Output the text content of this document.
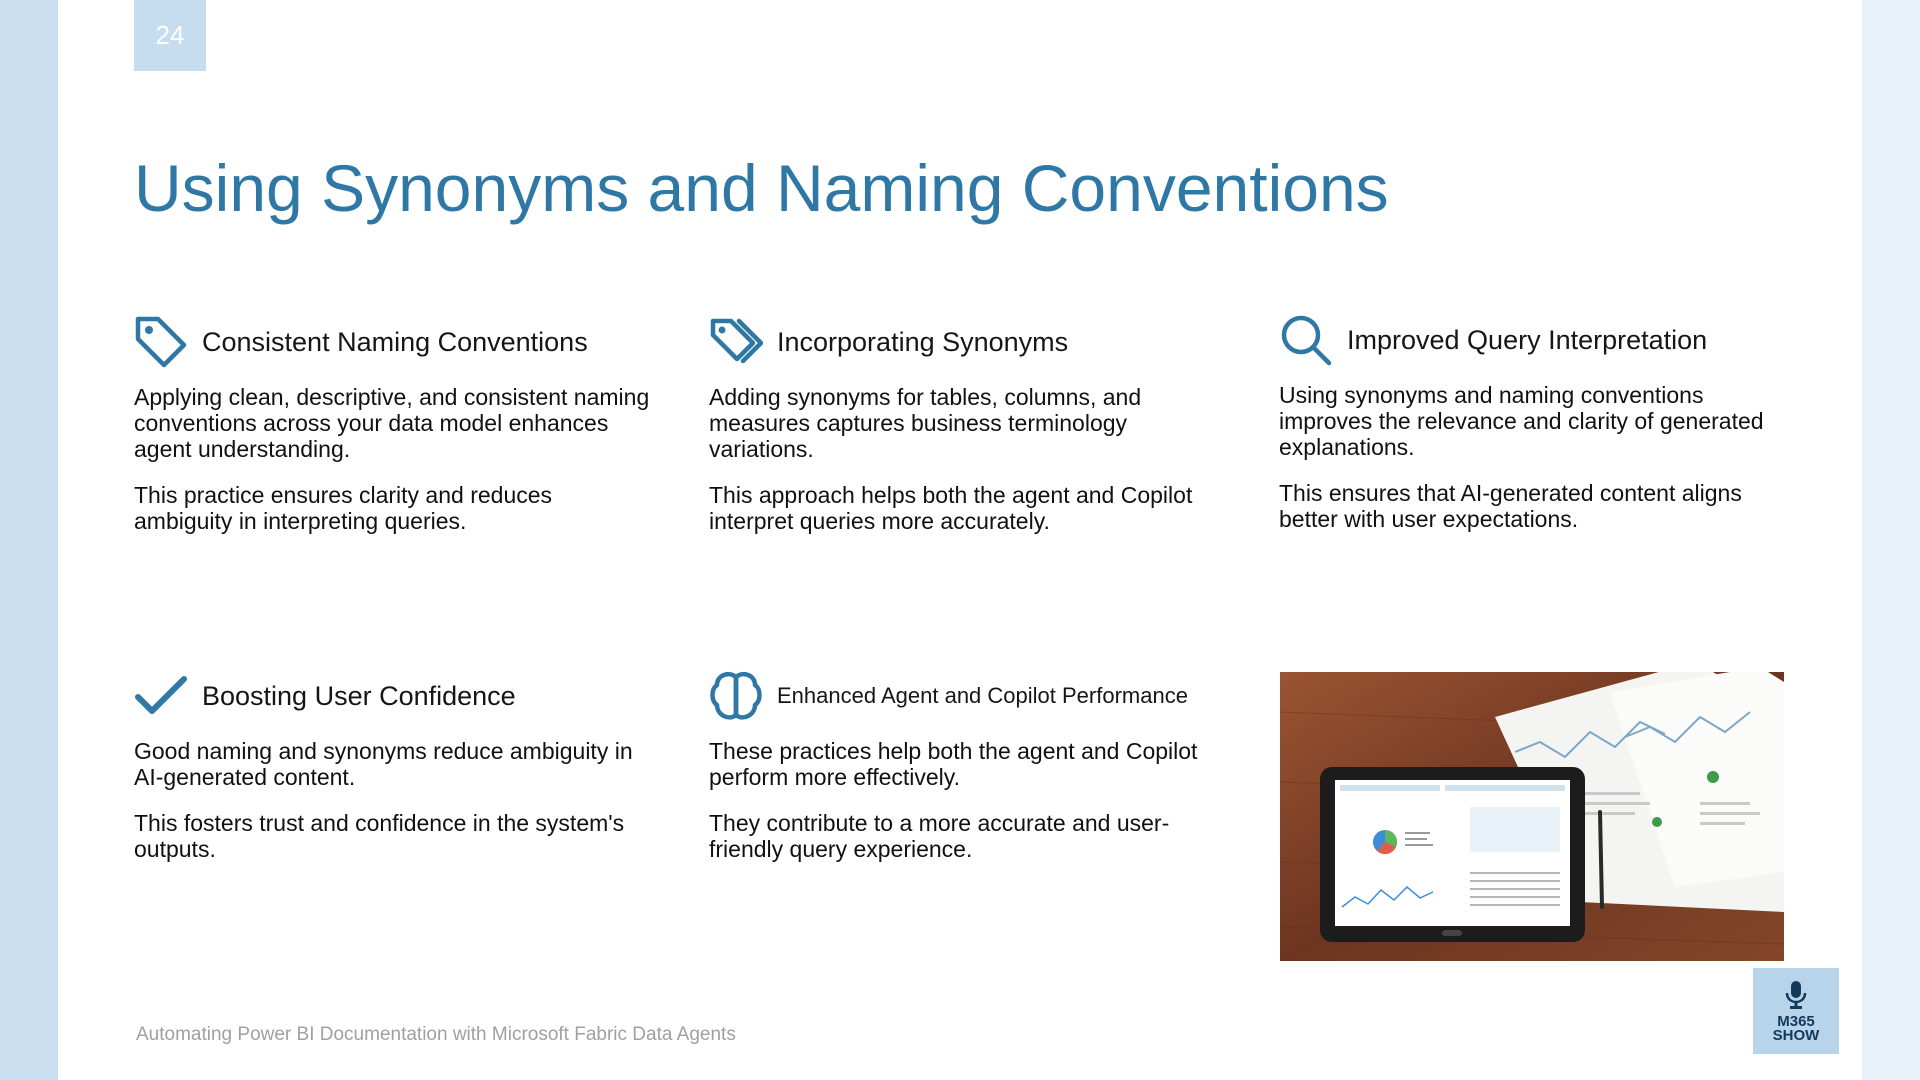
24
Using Synonyms and Naming Conventions
Consistent Naming Conventions

Applying clean, descriptive, and consistent naming conventions across your data model enhances agent understanding.

This practice ensures clarity and reduces ambiguity in interpreting queries.

Incorporating Synonyms

Adding synonyms for tables, columns, and measures captures business terminology variations.

This approach helps both the agent and Copilot interpret queries more accurately.

Improved Query Interpretation

Using synonyms and naming conventions improves the relevance and clarity of generated explanations.

This ensures that AI-generated content aligns better with user expectations.

Boosting User Confidence

Good naming and synonyms reduce ambiguity in AI-generated content.

This fosters trust and confidence in the system's outputs.

Enhanced Agent and Copilot Performance

These practices help both the agent and Copilot perform more effectively.

They contribute to a more accurate and user-friendly query experience.

Automating Power BI Documentation with Microsoft Fabric Data Agents
M365
SHOW
